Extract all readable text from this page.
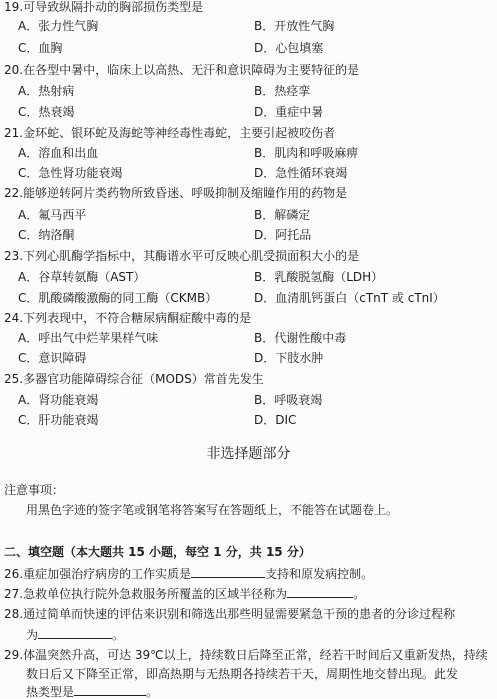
19.可导致纵隔扑动的胸部损伤类型是
A．张力性气胸	B．开放性气胸
C．血胸	D．心包填塞
20.在各型中暑中，临床上以高热、无汗和意识障碍为主要特征的是
A．热射病	B．热痉挛
C．热衰竭	D．重症中暑
21.金环蛇、银环蛇及海蛇等神经毒性毒蛇，主要引起被咬伤者
A．溶血和出血	B．肌肉和呼吸麻痹
C．急性肾功能衰竭	D．急性循环衰竭
22.能够逆转阿片类药物所致昏迷、呼吸抑制及缩瞳作用的药物是
A．氟马西平	B．解磷定
C．纳洛酮	D．阿托品
23.下列心肌酶学指标中，其酶谱水平可反映心肌受损面积大小的是
A．谷草转氨酶（AST）	B．乳酸脱氢酶（LDH）
C．肌酸磷酸激酶的同工酶（CKMB）	D．血清肌钙蛋白（cTnT 或 cTnI）
24.下列表现中，不符合糖尿病酮症酸中毒的是
A．呼出气中烂苹果样气味	B．代谢性酸中毒
C．意识障碍	D．下肢水肿
25.多器官功能障碍综合征（MODS）常首先发生
A．肾功能衰竭	B．呼吸衰竭
C．肝功能衰竭	D．DIC
非选择题部分
注意事项：
用黑色字迹的签字笔或钢笔将答案写在答题纸上，不能答在试题卷上。
二、填空题（本大题共 15 小题，每空 1 分，共 15 分）
26.重症加强治疗病房的工作实质是	支持和原发病控制。
27.急救单位执行院外急救服务所覆盖的区域半径称为	。
28.通过简单而快速的评估来识别和筛选出那些明显需要紧急干预的患者的分诊过程称
为	。
29.体温突然升高，可达 39℃以上，持续数日后降至正常，经若干时间后又重新发热，持续
数日后又下降至正常，即高热期与无热期各持续若干天，周期性地交替出现。此发
热类型是	。
